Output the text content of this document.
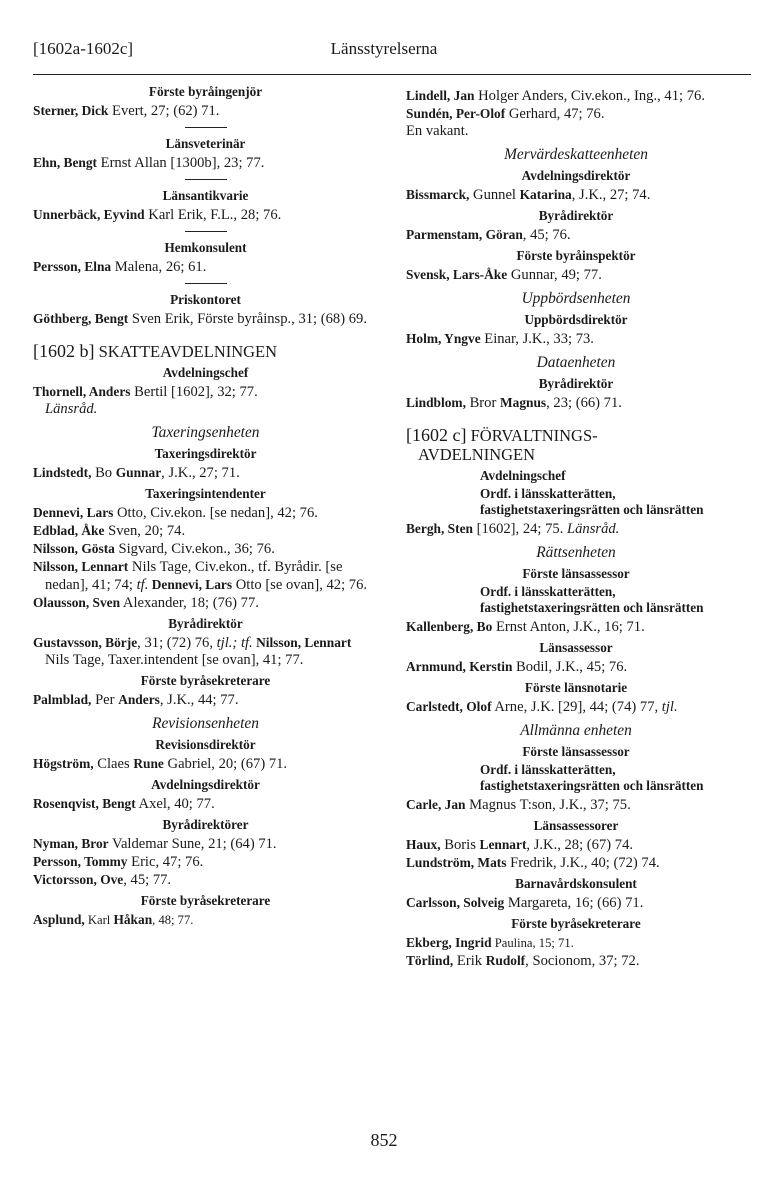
[1602a-1602c]	Länsstyrelserna
Förste byråingenjör
Sterner, Dick Evert, 27; (62) 71.
Länsveterinär
Ehn, Bengt Ernst Allan [1300b], 23; 77.
Länsantikvarie
Unnerbäck, Eyvind Karl Erik, F.L., 28; 76.
Hemkonsulent
Persson, Elna Malena, 26; 61.
Priskontoret
Göthberg, Bengt Sven Erik, Förste byråinsp., 31; (68) 69.
[1602 b] SKATTEAVDELNINGEN
Avdelningschef
Thornell, Anders Bertil [1602], 32; 77.
Länsråd.
Taxeringsenheten
Taxeringsdirektör
Lindstedt, Bo Gunnar, J.K., 27; 71.
Taxeringsintendenter
Dennevi, Lars Otto, Civ.ekon. [se nedan], 42; 76.
Edblad, Åke Sven, 20; 74.
Nilsson, Gösta Sigvard, Civ.ekon., 36; 76.
Nilsson, Lennart Nils Tage, Civ.ekon., tf. Byrådir. [se nedan], 41; 74; tf. Dennevi, Lars Otto [se ovan], 42; 76.
Olausson, Sven Alexander, 18; (76) 77.
Byrådirektör
Gustavsson, Börje, 31; (72) 76, tjl.; tf. Nilsson, Lennart Nils Tage, Taxer.intendent [se ovan], 41; 77.
Förste byråsekreterare
Palmblad, Per Anders, J.K., 44; 77.
Revisionsenheten
Revisionsdirektör
Högström, Claes Rune Gabriel, 20; (67) 71.
Avdelningsdirektör
Rosenqvist, Bengt Axel, 40; 77.
Byrådirektörer
Nyman, Bror Valdemar Sune, 21; (64) 71.
Persson, Tommy Eric, 47; 76.
Victorsson, Ove, 45; 77.
Förste byråsekreterare
Asplund, Karl Håkan, 48; 77.
Lindell, Jan Holger Anders, Civ.ekon., Ing., 41; 76.
Sundén, Per-Olof Gerhard, 47; 76.
En vakant.
Mervärdeskatteenheten
Avdelningsdirektör
Bissmarck, Gunnel Katarina, J.K., 27; 74.
Byrådirektör
Parmenstam, Göran, 45; 76.
Förste byråinspektör
Svensk, Lars-Åke Gunnar, 49; 77.
Uppbördsenheten
Uppbördsdirektör
Holm, Yngve Einar, J.K., 33; 73.
Dataenheten
Byrådirektör
Lindblom, Bror Magnus, 23; (66) 71.
[1602 c] FÖRVALTNINGS-
AVDELNINGEN
Avdelningschef
Ordf. i länsskatterätten, fastighetstaxeringsrätten och länsrätten
Bergh, Sten [1602], 24; 75. Länsråd.
Rättsenheten
Förste länsassessor
Ordf. i länsskatterätten, fastighetstaxeringsrätten och länsrätten
Kallenberg, Bo Ernst Anton, J.K., 16; 71.
Länsassessor
Arnmund, Kerstin Bodil, J.K., 45; 76.
Förste länsnotarie
Carlstedt, Olof Arne, J.K. [29], 44; (74) 77, tjl.
Allmänna enheten
Förste länsassessor
Ordf. i länsskatterätten, fastighetstaxeringsrätten och länsrätten
Carle, Jan Magnus T:son, J.K., 37; 75.
Länsassessorer
Haux, Boris Lennart, J.K., 28; (67) 74.
Lundström, Mats Fredrik, J.K., 40; (72) 74.
Barnavårdskonsulent
Carlsson, Solveig Margareta, 16; (66) 71.
Förste byråsekreterare
Ekberg, Ingrid Paulina, 15; 71.
Törlind, Erik Rudolf, Socionom, 37; 72.
852
